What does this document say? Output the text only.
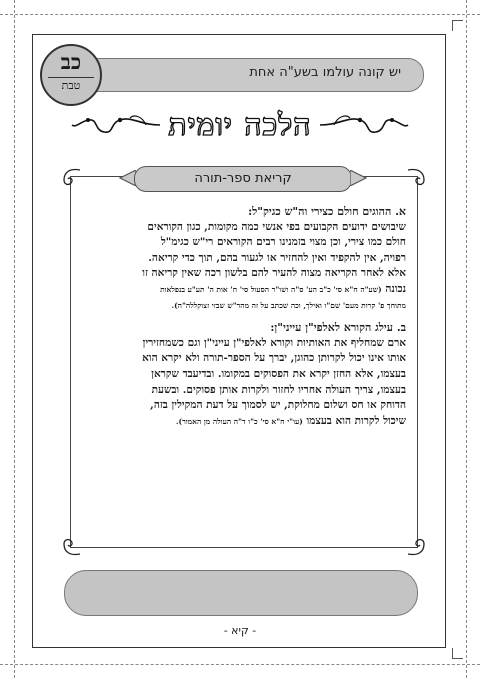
יש קונה עולמו בשע"ה אחת
כב
טבת
הלכה יומית
קריאת ספר-תורה

א. ההוגים חולם כצירי וה"ש כגיק"ל:

שיבושים ידועים הקבועים בפי אנשי כמה מקומות, כגון הקוראים

חולם כמו צירי, וכן מצוי בזמנינו רבים הקוראים רי"ש כגימ"ל

רפויה, אין להקפיד ואין להחזיר או לגעור בהם, תוך כדי קריאה.

אלא לאחר הקריאה מצוה להעיר להם בלשון רכה שאין קריאה זו

נכונה (שע"ה ח"א סי' כ"ב הע' ס"ה ושו"ר הסעול סי' ח' אות ה' תע"ע בנפלאות

מתוחך פ' קרות מעם' שם"ו ואילך, וכה שכתב על זה מהר"ש שבזי זצוקללה"ה).

ב. עילג הקורא לאלפי"ן עייני"ן:

ארם שמחליף את האותיות וקורא לאלפי"ן עייני"ן וגם כשמחזירין

אותו אינו יכול לקרותן כהוגן, יברך על הספר-תורה ולא יקרא הוא

בעצמו, אלא החזן יקרא את הפסוקים במקומו. ובדיעבד שקראן

בעצמו, צריך העולה אחריו לחזור ולקרות אותן פסוקים. ובשעת

הדוחק או חס ושלום מחלוקת, יש לסמוך על דעת המקילין בזה,

שיכול לקרות הוא בעצמו (עו"י ח"א סי' כ"ו ד"ה העולה מן האמור).

- קיא -
